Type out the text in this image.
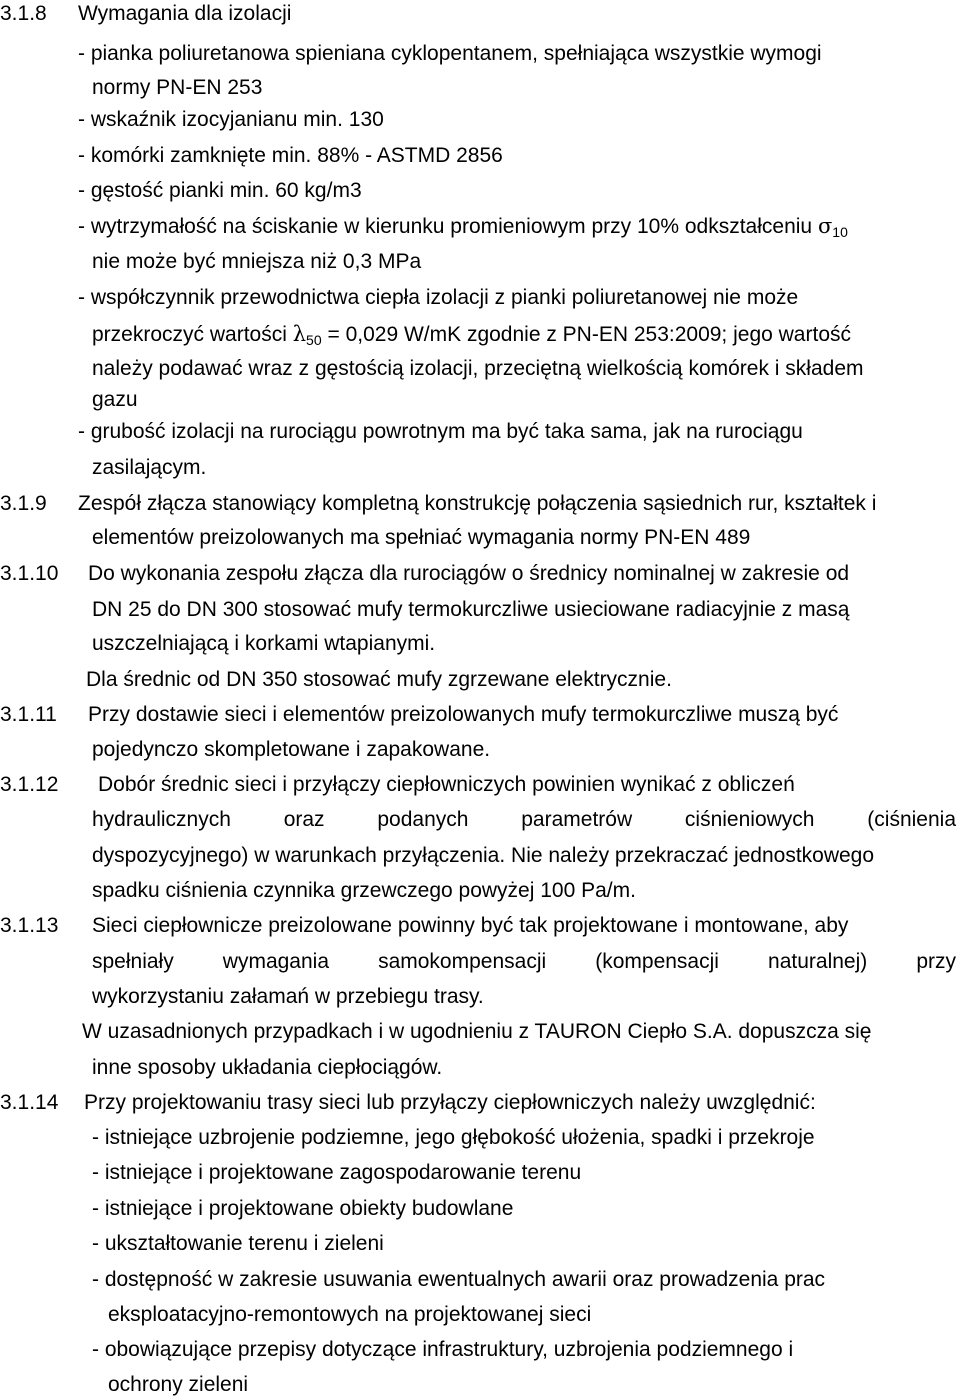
3.1.8 Wymagania dla izolacji
- pianka poliuretanowa spieniana cyklopentanem, spełniająca wszystkie wymogi
normy PN-EN 253
- wskaźnik izocyjanianu min. 130
- komórki zamknięte min. 88% - ASTMD 2856
- gęstość pianki min. 60 kg/m3
- wytrzymałość na ściskanie w kierunku promieniowym przy 10% odkształceniu $\sigma_{10}$
nie może być mniejsza niż 0,3 MPa
- współczynnik przewodnictwa ciepła izolacji z pianki poliuretanowej nie może
przekroczyć wartości $\lambda_{50} = 0,029$ W/mK zgodnie z PN-EN 253:2009; jego wartość
należy podawać wraz z gęstością izolacji, przeciętną wielkością komórek i składem
gazu
- grubość izolacji na rurociągu powrotnym ma być taka sama, jak na rurociągu
zasilającym.
3.1.9 Zespół złącza stanowiący kompletną konstrukcję połączenia sąsiednich rur, kształtek i
elementów preizolowanych ma spełniać wymagania normy PN-EN 489
3.1.10 Do wykonania zespołu złącza dla rurociągów o średnicy nominalnej w zakresie od
DN 25 do DN 300 stosować mufy termokurczliwe usieciowane radiacyjnie z masą
uszczelniającą i korkami wtapianymi.
Dla średnic od DN 350 stosować mufy zgrzewane elektrycznie.
3.1.11 Przy dostawie sieci i elementów preizolowanych mufy termokurczliwe muszą być
pojedynczo skompletowane i zapakowane.
3.1.12 Dobór średnic sieci i przyłączy ciepłowniczych powinien wynikać z obliczeń
hydraulicznych oraz podanych parametrów ciśnieniowych (ciśnienia
dyspozycyjnego) w warunkach przyłączenia. Nie należy przekraczać jednostkowego
spadku ciśnienia czynnika grzewczego powyżej 100 Pa/m.
3.1.13 Sieci ciepłownicze preizolowane powinny być tak projektowane i montowane, aby
spełniały wymagania samokompensacji (kompensacji naturalnej) przy
wykorzystaniu załamań w przebiegu trasy.
W uzasadnionych przypadkach i w ugodnieniu z TAURON Ciepło S.A. dopuszcza się
inne sposoby układania ciepłociągów.
3.1.14 Przy projektowaniu trasy sieci lub przyłączy ciepłowniczych należy uwzględnić:
- istniejące uzbrojenie podziemne, jego głębokość ułożenia, spadki i przekroje
- istniejące i projektowane zagospodarowanie terenu
- istniejące i projektowane obiekty budowlane
- ukształtowanie terenu i zieleni
- dostępność w zakresie usuwania ewentualnych awarii oraz prowadzenia prac
eksploatacyjno-remontowych na projektowanej sieci
- obowiązujące przepisy dotyczące infrastruktury, uzbrojenia podziemnego i
ochrony zieleni
